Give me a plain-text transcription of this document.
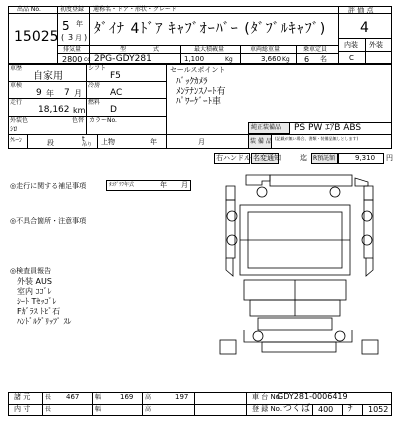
出品 No.
15025
初度登録
5 年
( 3 月 )
通称名・ドア・形状・グレード
ﾀﾞｲﾅ 4ﾄﾞｱ ｷｬﾌﾞｵｰﾊﾞｰ (ﾀﾞﾌﾞﾙｷｬﾌﾞ)
評 価 点
4
内装 外装
C
排気量	型	式	最大積載量	車両総重量	乗車定員
2800 cc 2PG-GDY281	1,100	Kg	3,660 Kg 6 名
車歴
自家用
シフト
F5
車検
9 年 7 月
冷房
AC
走行
18,162 km
燃料
D
外装色
ｼﾛ
色替 カラーNo.
ｸﾚｰﾝ	段	t
吊り 上物	年	月
セールスポイント
ﾊﾞｯｸｶﾒﾗ
ﾒﾝﾃﾅﾝｽﾉｰﾄ有
ﾊﾟﾜｰｹﾞｰﾄ車
純正装備品 PS PW ｴｱB ABS
装 備 品 (記載が無い場合、書類・装備品無しとします)
右ハンドル 名変通知	迄 R預託額	9,310 円
◎走行に関する補足事項	ﾀｺｸﾞﾗﾌ年式	年 月
◎不具合箇所・注意事項
◎検査員報告
外装 AUS
室内 ｺｺﾞﾚ
ｼｰﾄ Tｾｯｺﾞﾚ
Fｶﾞﾗｽ ﾄﾋﾞ石
ﾊﾝﾄﾞﾙｸﾞﾘｯﾌﾟ ｽﾚ
諸 元
内 寸
長	幅	高
長	幅	高
467	169	197	車 台 No.
GDY281-0006419
登 録 No. つくば 400 ﾁ 1052
